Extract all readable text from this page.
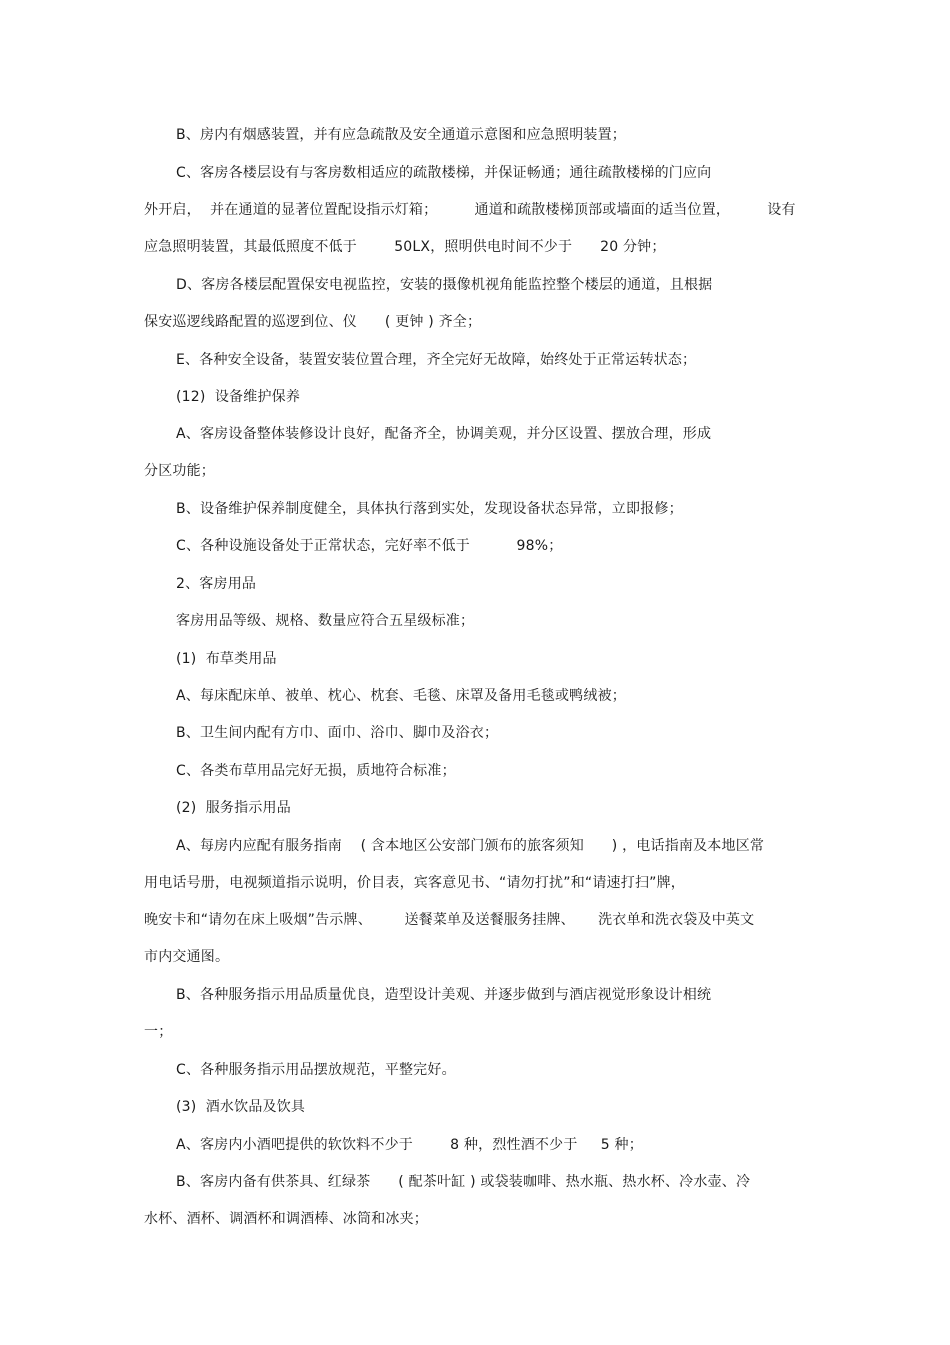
B、房内有烟感装置，并有应急疏散及安全通道示意图和应急照明装置；
C、客房各楼层设有与客房数相适应的疏散楼梯，并保证畅通；通往疏散楼梯的门应向
外开启，  并在通道的显著位置配设指示灯箱；        通道和疏散楼梯顶部或墙面的适当位置，        设有
应急照明装置，其最低照度不低于        50LX，照明供电时间不少于      20 分钟；
D、客房各楼层配置保安电视监控，安装的摄像机视角能监控整个楼层的通道，且根据
保安巡逻线路配置的巡逻到位、仪      ( 更钟 ) 齐全；
E、各种安全设备，装置安装位置合理，齐全完好无故障，始终处于正常运转状态；
(12)  设备维护保养
A、客房设备整体装修设计良好，配备齐全，协调美观，并分区设置、摆放合理，形成
分区功能；
B、设备维护保养制度健全，具体执行落到实处，发现设备状态异常，立即报修；
C、各种设施设备处于正常状态，完好率不低于          98%；
2、客房用品
客房用品等级、规格、数量应符合五星级标准；
(1)  布草类用品
A、每床配床单、被单、枕心、枕套、毛毯、床罩及备用毛毯或鸭绒被；
B、卫生间内配有方巾、面巾、浴巾、脚巾及浴衣；
C、各类布草用品完好无损，质地符合标准；
(2)  服务指示用品
A、每房内应配有服务指南    ( 含本地区公安部门颁布的旅客须知      ) ，电话指南及本地区常
用电话号册，电视频道指示说明，价目表，宾客意见书、“请勿打扰”和“请速打扫”牌，
晚安卡和“请勿在床上吸烟”告示牌、       送餐菜单及送餐服务挂牌、     洗衣单和洗衣袋及中英文
市内交通图。
B、各种服务指示用品质量优良，造型设计美观、并逐步做到与酒店视觉形象设计相统
一；
C、各种服务指示用品摆放规范，平整完好。
(3)  酒水饮品及饮具
A、客房内小酒吧提供的软饮料不少于        8 种，烈性酒不少于     5 种；
B、客房内备有供茶具、红绿茶      ( 配茶叶缸 ) 或袋装咖啡、热水瓶、热水杯、冷水壶、冷
水杯、酒杯、调酒杯和调酒棒、冰筒和冰夹；
